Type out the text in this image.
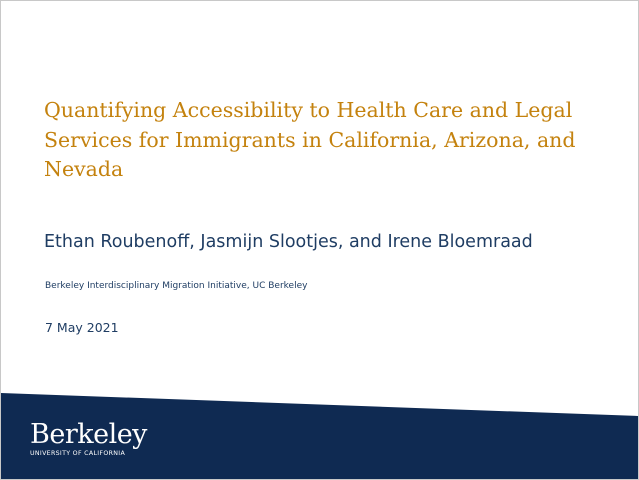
Quantifying Accessibility to Health Care and Legal Services for Immigrants in California, Arizona, and Nevada
Ethan Roubenoff, Jasmijn Slootjes, and Irene Bloemraad
Berkeley Interdisciplinary Migration Initiative, UC Berkeley
7 May 2021
Berkeley
UNIVERSITY OF CALIFORNIA
